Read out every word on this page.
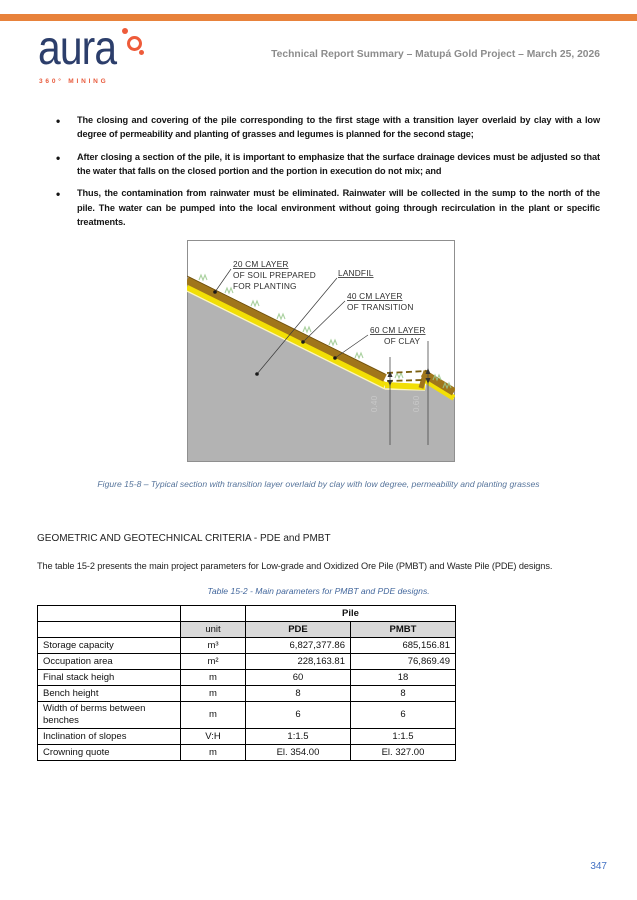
aura
360° MINING
Technical Report Summary – Matupá Gold Project – March 25, 2026
• The closing and covering of the pile corresponding to the first stage with a transition layer overlaid by clay with a low degree of permeability and planting of grasses and legumes is planned for the second stage;
• After closing a section of the pile, it is important to emphasize that the surface drainage devices must be adjusted so that the water that falls on the closed portion and the portion in execution do not mix; and
• Thus, the contamination from rainwater must be eliminated. Rainwater will be collected in the sump to the north of the pile. The water can be pumped into the local environment without going through recirculation in the plant or specific treatments.
0.40	0.60
20 CM LAYER
OF SOIL PREPARED
FOR PLANTING
LANDFIL
40 CM LAYER
OF TRANSITION
60 CM LAYER
OF CLAY
Figure 15-8 – Typical section with transition layer overlaid by clay with low degree, permeability and planting grasses
GEOMETRIC AND GEOTECHNICAL CRITERIA - PDE and PMBT
The table 15-2 presents the main project parameters for Low-grade and Oxidized Ore Pile (PMBT) and Waste Pile (PDE) designs.
Table 15-2 - Main parameters for PMBT and PDE designs.
		Pile	
	unit	PDE	PMBT
Storage capacity	m³	6,827,377.86	685,156.81
Occupation area	m²	228,163.81	76,869.49
Final stack heigh	m	60	18
Bench height	m	8	8
Width of berms between benches	m	6	6
Inclination of slopes	V:H	1:1.5	1:1.5
Crowning quote	m	El. 354.00	El. 327.00
347
